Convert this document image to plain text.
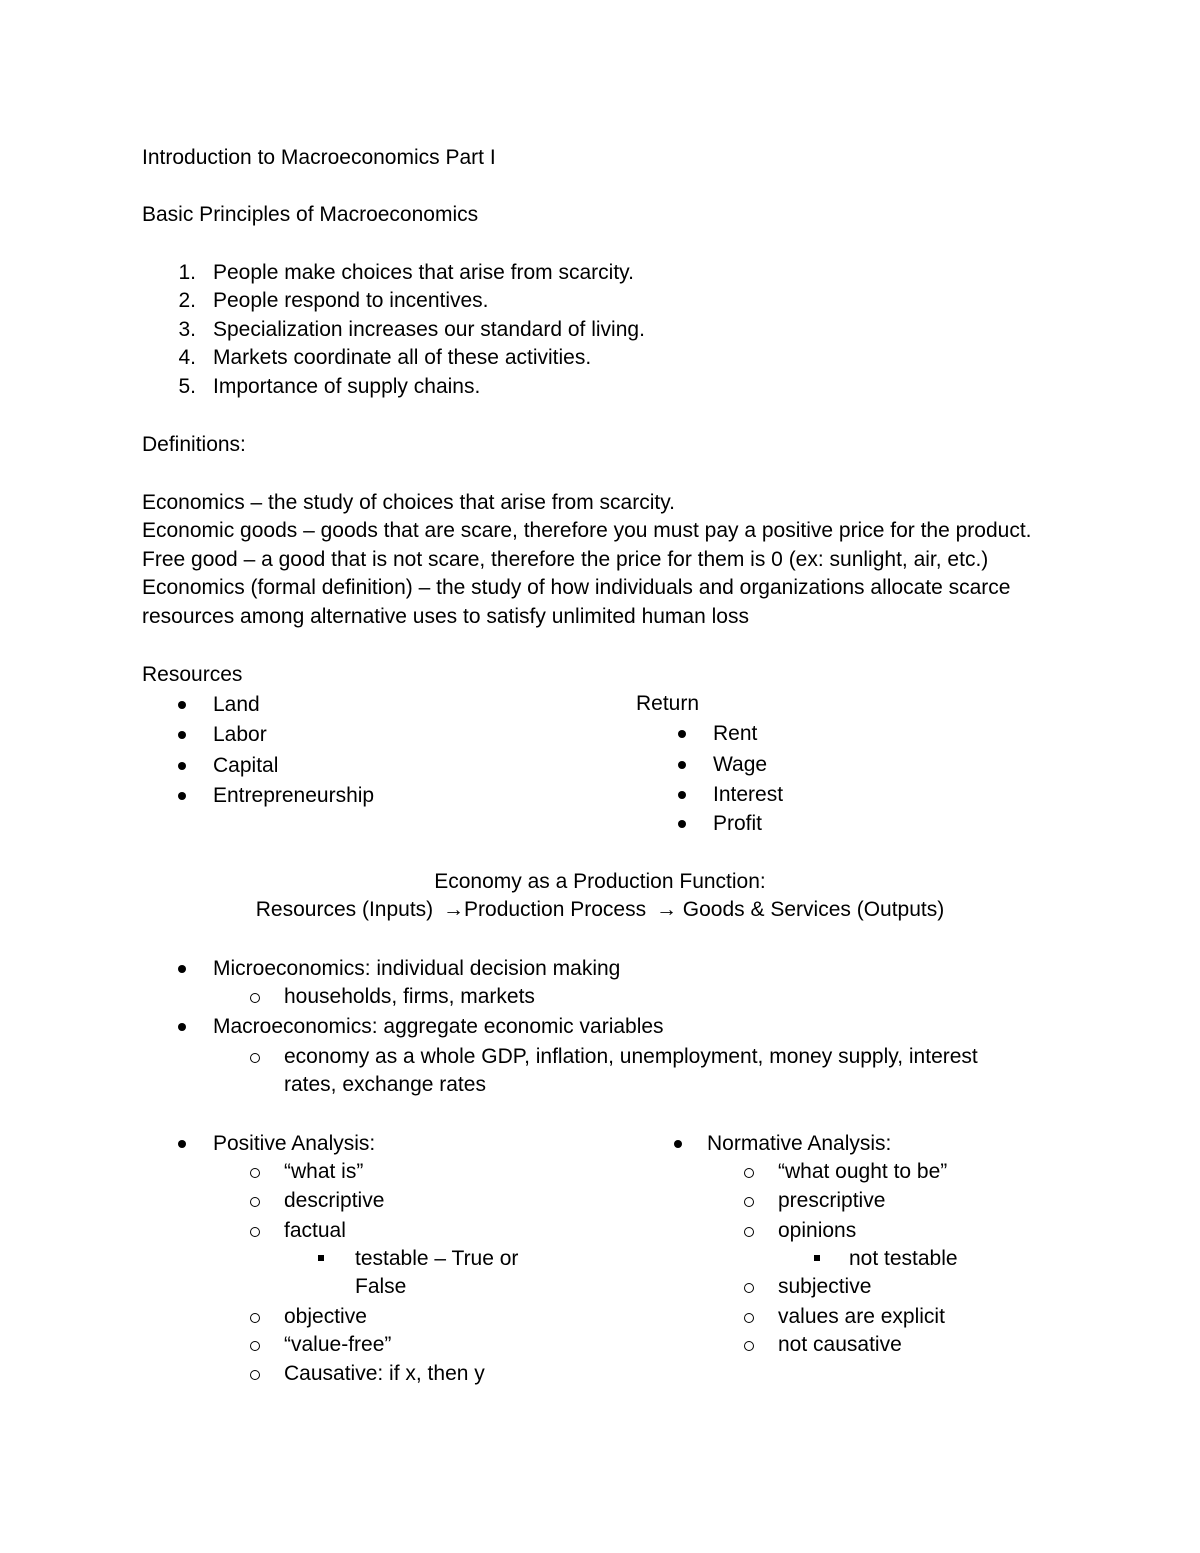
Introduction to Macroeconomics Part I
Basic Principles of Macroeconomics
1. People make choices that arise from scarcity.
2. People respond to incentives.
3. Specialization increases our standard of living.
4. Markets coordinate all of these activities.
5. Importance of supply chains.
Definitions:
Economics – the study of choices that arise from scarcity.
Economic goods – goods that are scare, therefore you must pay a positive price for the product.
Free good – a good that is not scare, therefore the price for them is 0 (ex: sunlight, air, etc.)
Economics (formal definition) – the study of how individuals and organizations allocate scarce
resources among alternative uses to satisfy unlimited human loss
Resources
Land
Labor
Capital
Entrepreneurship
Return
Rent
Wage
Interest
Profit
Economy as a Production Function:
Resources (Inputs) →Production Process → Goods & Services (Outputs)
Microeconomics: individual decision making
households, firms, markets
Macroeconomics: aggregate economic variables
economy as a whole GDP, inflation, unemployment, money supply, interest
rates, exchange rates
Positive Analysis:
“what is”
descriptive
factual
testable – True or
False
objective
“value-free”
Causative: if x, then y
Normative Analysis:
“what ought to be”
prescriptive
opinions
not testable
subjective
values are explicit
not causative
